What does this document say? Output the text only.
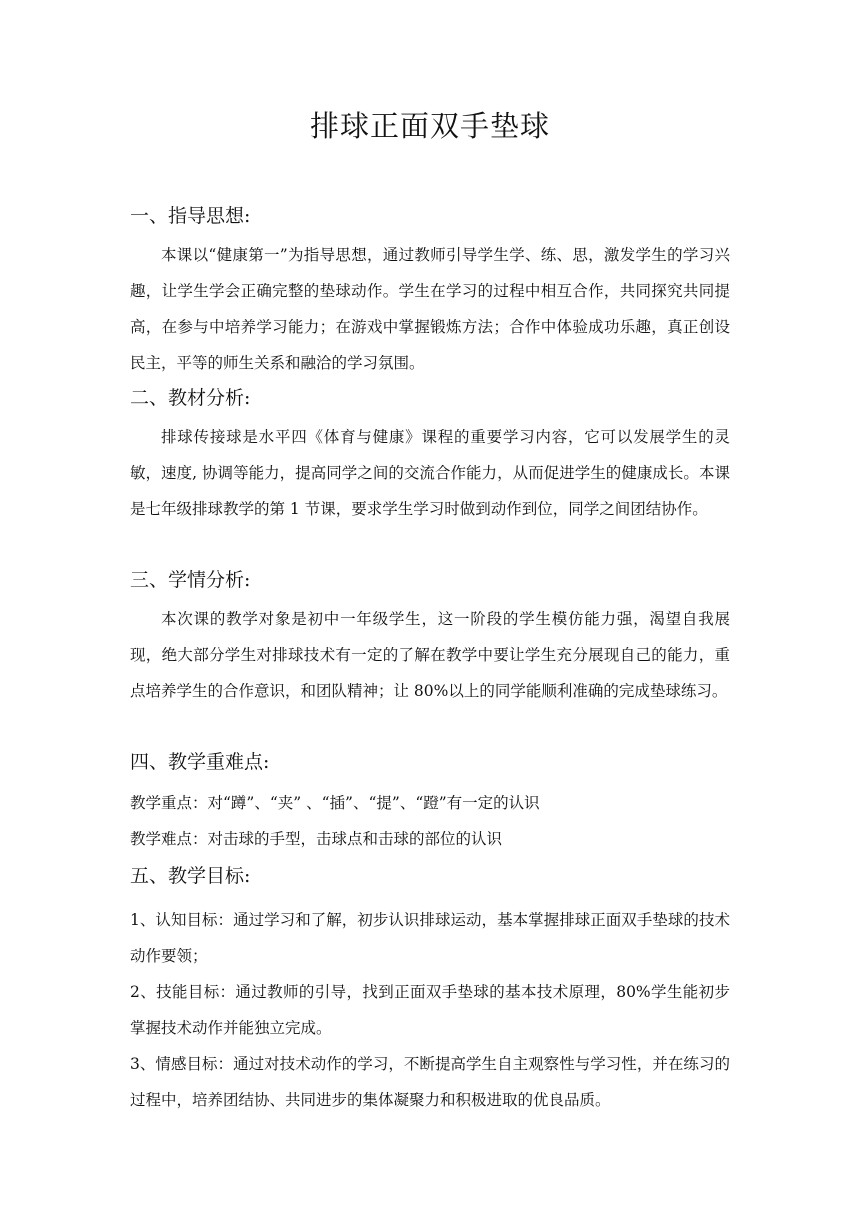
排球正面双手垫球
一、指导思想:

本课以“健康第一”为指导思想，通过教师引导学生学、练、思，激发学生的学习兴趣，让学生学会正确完整的垫球动作。学生在学习的过程中相互合作，共同探究共同提高，在参与中培养学习能力；在游戏中掌握锻炼方法；合作中体验成功乐趣，真正创设民主，平等的师生关系和融洽的学习氛围。

二、教材分析:

排球传接球是水平四《体育与健康》课程的重要学习内容，它可以发展学生的灵敏，速度, 协调等能力，提高同学之间的交流合作能力，从而促进学生的健康成长。本课是七年级排球教学的第 1 节课，要求学生学习时做到动作到位，同学之间团结协作。

三、学情分析:

本次课的教学对象是初中一年级学生，这一阶段的学生模仿能力强，渴望自我展现，绝大部分学生对排球技术有一定的了解在教学中要让学生充分展现自己的能力，重点培养学生的合作意识，和团队精神；让 80%以上的同学能顺利准确的完成垫球练习。

四、教学重难点:

教学重点：对“蹲”、“夹” 、“插”、“提”、“蹬”有一定的认识

教学难点：对击球的手型，击球点和击球的部位的认识

五、教学目标:

1、认知目标：通过学习和了解，初步认识排球运动，基本掌握排球正面双手垫球的技术动作要领；

2、技能目标：通过教师的引导，找到正面双手垫球的基本技术原理，80%学生能初步掌握技术动作并能独立完成。

3、情感目标：通过对技术动作的学习，不断提高学生自主观察性与学习性，并在练习的过程中，培养团结协、共同进步的集体凝聚力和积极进取的优良品质。
